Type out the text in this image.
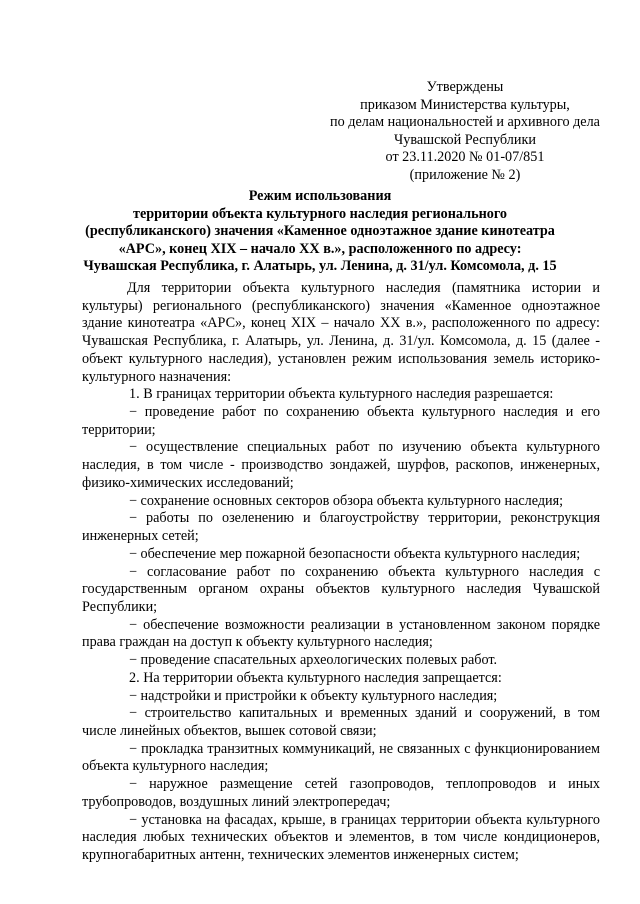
Утверждены
приказом Министерства культуры,
по делам национальностей и архивного дела
Чувашской Республики
от 23.11.2020 № 01-07/851
(приложение № 2)
Режим использования
территории объекта культурного наследия регионального
(республиканского) значения «Каменное одноэтажное здание кинотеатра
«АРС», конец XIX – начало XX в.», расположенного по адресу:
Чувашская Республика, г. Алатырь, ул. Ленина, д. 31/ул. Комсомола, д. 15

Для территории объекта культурного наследия (памятника истории и культуры) регионального (республиканского) значения «Каменное одноэтажное здание кинотеатра «АРС», конец XIX – начало XX в.», расположенного по адресу: Чувашская Республика, г. Алатырь, ул. Ленина, д. 31/ул. Комсомола, д. 15 (далее - объект культурного наследия), установлен режим использования земель историко-культурного назначения:

1. В границах территории объекта культурного наследия разрешается:

− проведение работ по сохранению объекта культурного наследия и его территории;

− осуществление специальных работ по изучению объекта культурного наследия, в том числе - производство зондажей, шурфов, раскопов, инженерных, физико-химических исследований;

− сохранение основных секторов обзора объекта культурного наследия;

− работы по озеленению и благоустройству территории, реконструкция инженерных сетей;

− обеспечение мер пожарной безопасности объекта культурного наследия;

− согласование работ по сохранению объекта культурного наследия с государственным органом охраны объектов культурного наследия Чувашской Республики;

− обеспечение возможности реализации в установленном законом порядке права граждан на доступ к объекту культурного наследия;

− проведение спасательных археологических полевых работ.

2. На территории объекта культурного наследия запрещается:

− надстройки и пристройки к объекту культурного наследия;

− строительство капитальных и временных зданий и сооружений, в том числе линейных объектов, вышек сотовой связи;

− прокладка транзитных коммуникаций, не связанных с функционированием объекта культурного наследия;

− наружное размещение сетей газопроводов, теплопроводов и иных трубопроводов, воздушных линий электропередач;

− установка на фасадах, крыше, в границах территории объекта культурного наследия любых технических объектов и элементов, в том числе кондиционеров, крупногабаритных антенн, технических элементов инженерных систем;
